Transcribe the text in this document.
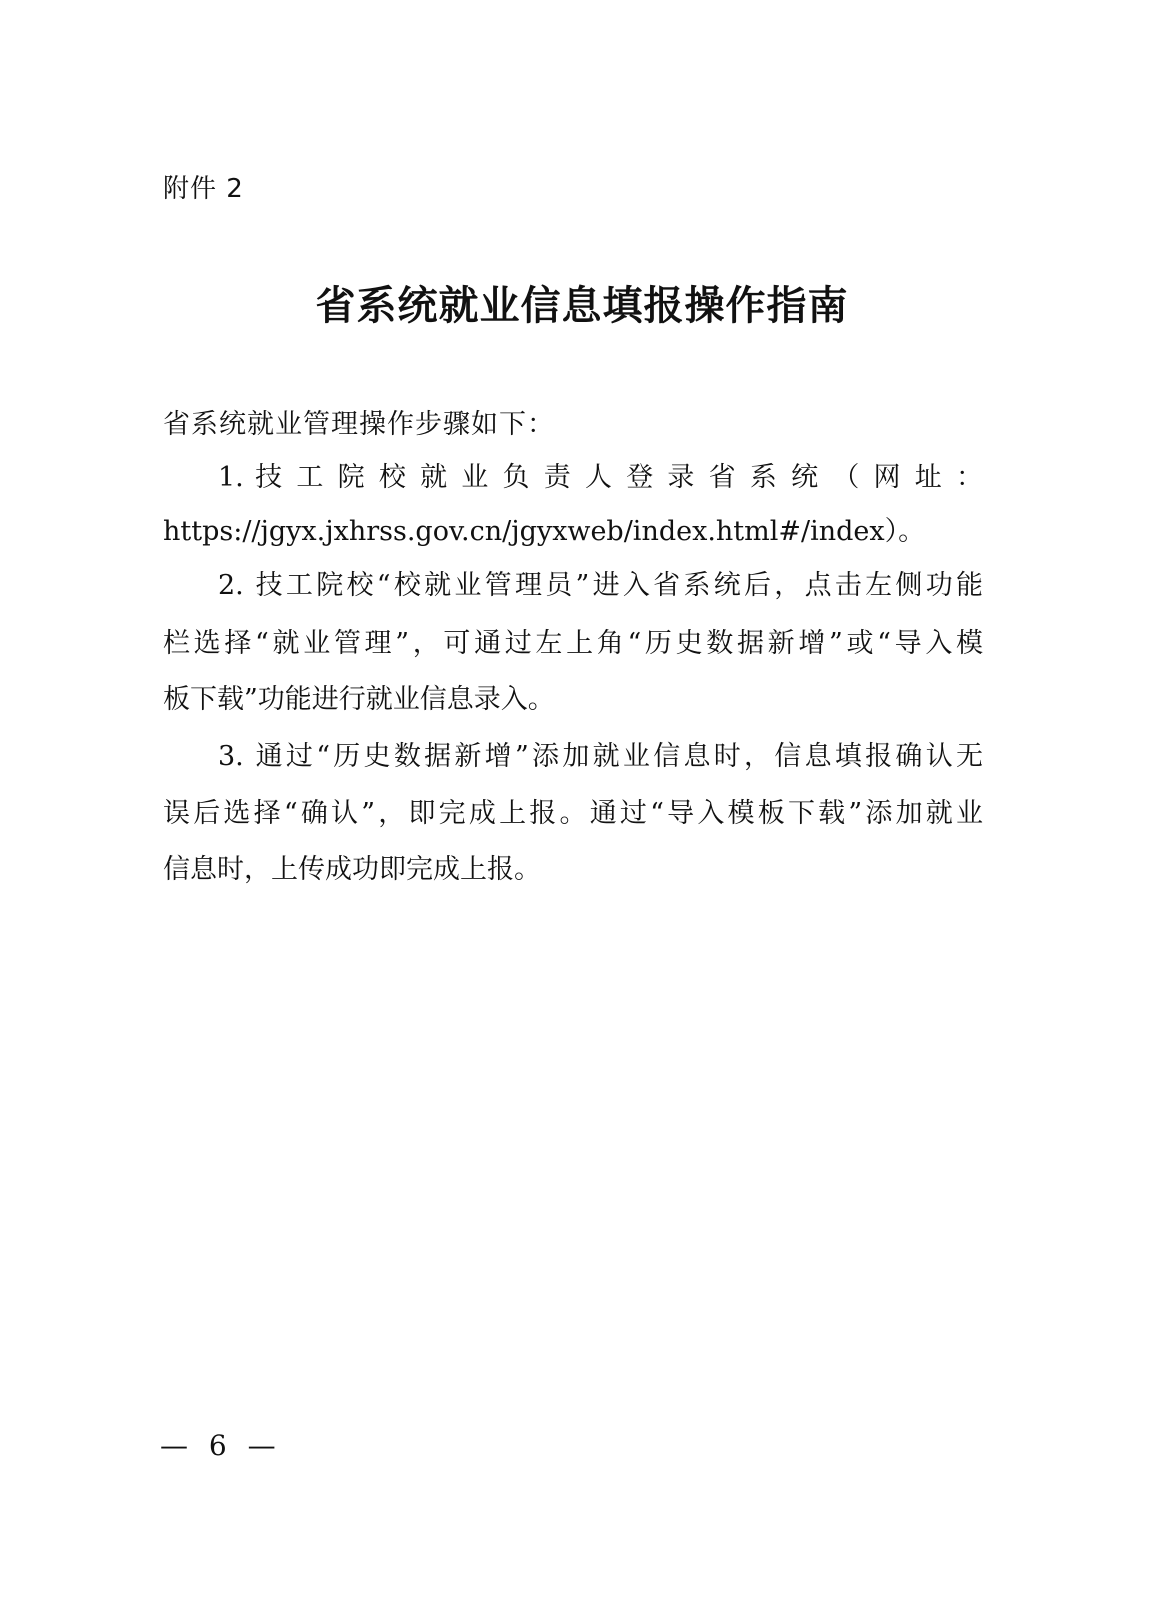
附件 2
省系统就业信息填报操作指南
省系统就业管理操作步骤如下：
1. 技 工 院 校 就 业 负 责 人 登 录 省 系 统 （ 网 址 ：
https://jgyx.jxhrss.gov.cn/jgyxweb/index.html#/index）。
2. 技工院校“校就业管理员”进入省系统后，点击左侧功能
栏选择“就业管理”，可通过左上角“历史数据新增”或“导入模
板下载”功能进行就业信息录入。
3. 通过“历史数据新增”添加就业信息时，信息填报确认无
误后选择“确认”，即完成上报。通过“导入模板下载”添加就业
信息时，上传成功即完成上报。
— 6 —
